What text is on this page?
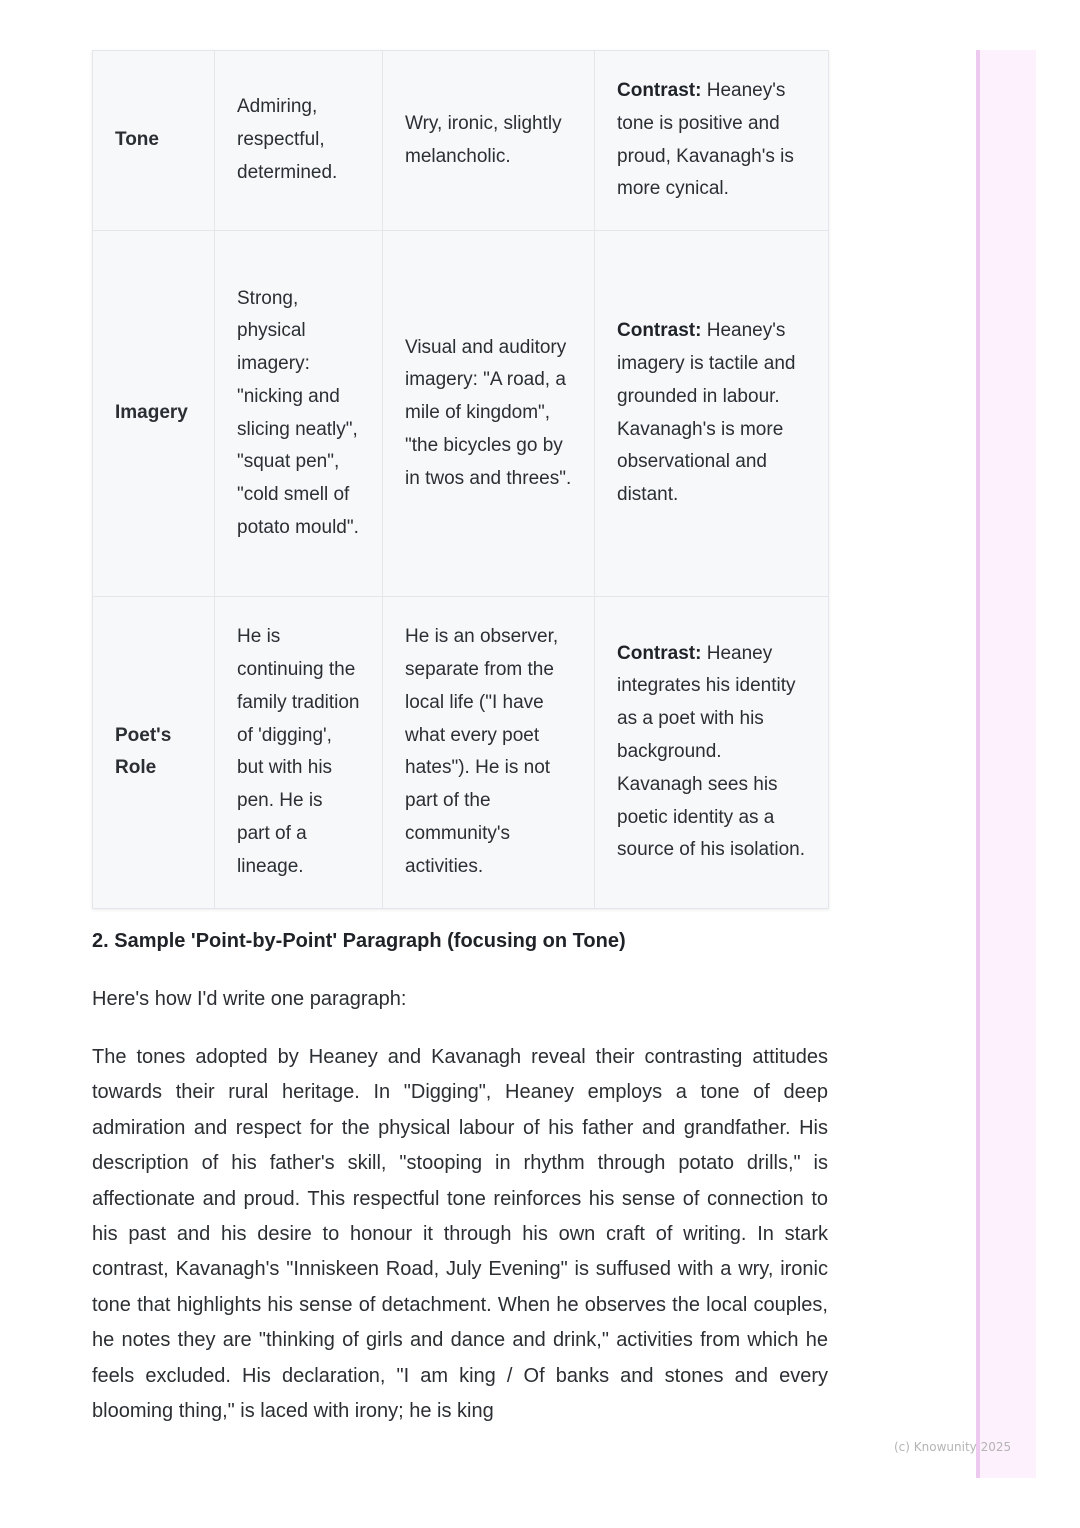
Tone	Admiring, respectful, determined.	Wry, ironic, slightly melancholic.	Contrast: Heaney's tone is positive and proud, Kavanagh's is more cynical.
Imagery	Strong, physical imagery: "nicking and slicing neatly", "squat pen", "cold smell of potato mould".	Visual and auditory imagery: "A road, a mile of kingdom", "the bicycles go by in twos and threes".	Contrast: Heaney's imagery is tactile and grounded in labour. Kavanagh's is more observational and distant.
Poet's Role	He is continuing the family tradition of 'digging', but with his pen. He is part of a lineage.	He is an observer, separate from the local life ("I have what every poet hates"). He is not part of the community's activities.	Contrast: Heaney integrates his identity as a poet with his background. Kavanagh sees his poetic identity as a source of his isolation.
2. Sample 'Point-by-Point' Paragraph (focusing on Tone)

Here's how I'd write one paragraph:

The tones adopted by Heaney and Kavanagh reveal their contrasting attitudes towards their rural heritage. In "Digging", Heaney employs a tone of deep admiration and respect for the physical labour of his father and grandfather. His description of his father's skill, "stooping in rhythm through potato drills," is affectionate and proud. This respectful tone reinforces his sense of connection to his past and his desire to honour it through his own craft of writing. In stark contrast, Kavanagh's "Inniskeen Road, July Evening" is suffused with a wry, ironic tone that highlights his sense of detachment. When he observes the local couples, he notes they are "thinking of girls and dance and drink," activities from which he feels excluded. His declaration, "I am king / Of banks and stones and every blooming thing," is laced with irony; he is king

(c) Knowunity 2025
